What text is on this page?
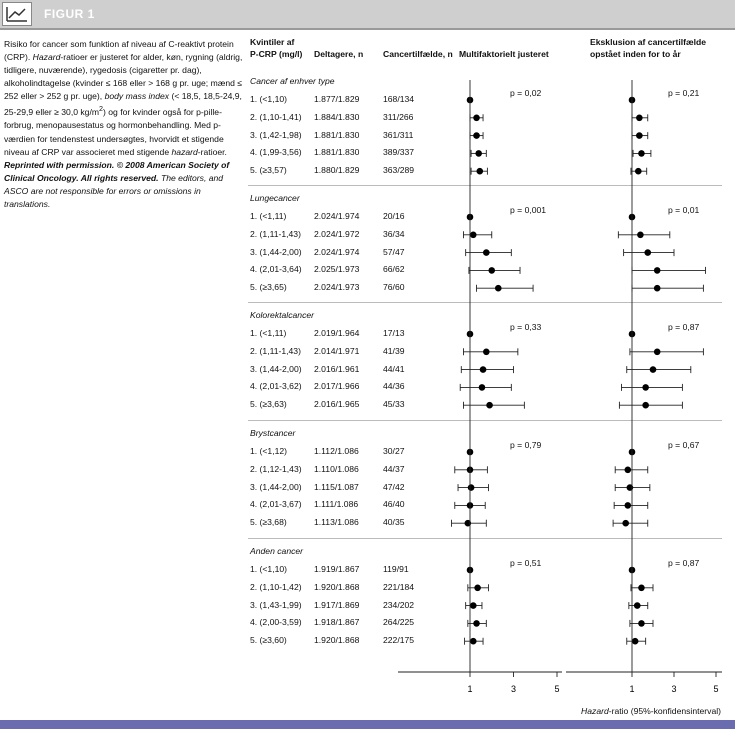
FIGUR 1

Risiko for cancer som funktion af niveau af C-reaktivt protein (CRP). Hazard-ratioer er justeret for alder, køn, rygning (aldrig, tidligere, nuværende), rygedosis (cigaretter pr. dag), alkoholindtagelse (kvinder ≤ 168 eller > 168 g pr. uge; mænd ≤ 252 eller > 252 g pr. uge), body mass index (< 18,5, 18,5-24,9, 25-29,9 eller ≥ 30,0 $kg/m^2$) og for kvinder også for p-pille-forbrug, menopausestatus og hormonbehandling. Med p-værdien for tendenstest undersøgtes, hvorvidt et stigende niveau af CRP var associeret med stigende hazard-ratioer.
Reprinted with permission. © 2008 American Society of Clinical Oncology. All rights reserved. The editors, and ASCO are not responsible for errors or omissions in translations.

Kvintiler af
P-CRP (mg/l) Deltagere, n Cancertilfælde, n Multifaktorielt justeret
Eksklusion af cancertilfælde
opstået inden for to år
Cancer af enhver type
1. (<1,10)	1.877/1.829	168/134
2. (1,10-1,41) 1.884/1.830	311/266
3. (1,42-1,98) 1.881/1.830	361/311
4. (1,99-3,56) 1.881/1.830	389/337
5. (≥3,57)	1.880/1.829	363/289
p = 0,02	p = 0,21
Lungecancer
1. (<1,11)	2.024/1.974	20/16
2. (1,11-1,43) 2.024/1.972	36/34
3. (1,44-2,00) 2.024/1.974	57/47
4. (2,01-3,64) 2.025/1.973	66/62
5. (≥3,65)	2.024/1.973	76/60
p = 0,001	p = 0,01
Kolorektalcancer
1. (<1,11)	2.019/1.964	17/13
2. (1,11-1,43) 2.014/1.971	41/39
3. (1,44-2,00) 2.016/1.961	44/41
4. (2,01-3,62) 2.017/1.966	44/36
5. (≥3,63)	2.016/1.965	45/33
p = 0,33	p = 0,87
Brystcancer
1. (<1,12)	1.112/1.086	30/27
2. (1,12-1,43) 1.110/1.086	44/37
3. (1,44-2,00) 1.115/1.087	47/42
4. (2,01-3,67) 1.111/1.086	46/40
5. (≥3,68)	1.113/1.086	40/35
p = 0,79	p = 0,67
Anden cancer
1. (<1,10)	1.919/1.867	119/91
2. (1,10-1,42) 1.920/1.868	221/184
3. (1,43-1,99) 1.917/1.869	234/202
4. (2,00-3,59) 1.918/1.867	264/225
5. (≥3,60)	1.920/1.868	222/175
p = 0,51	p = 0,87
1	3	5	1	3	5
Hazard-ratio (95%-konfidensinterval)
